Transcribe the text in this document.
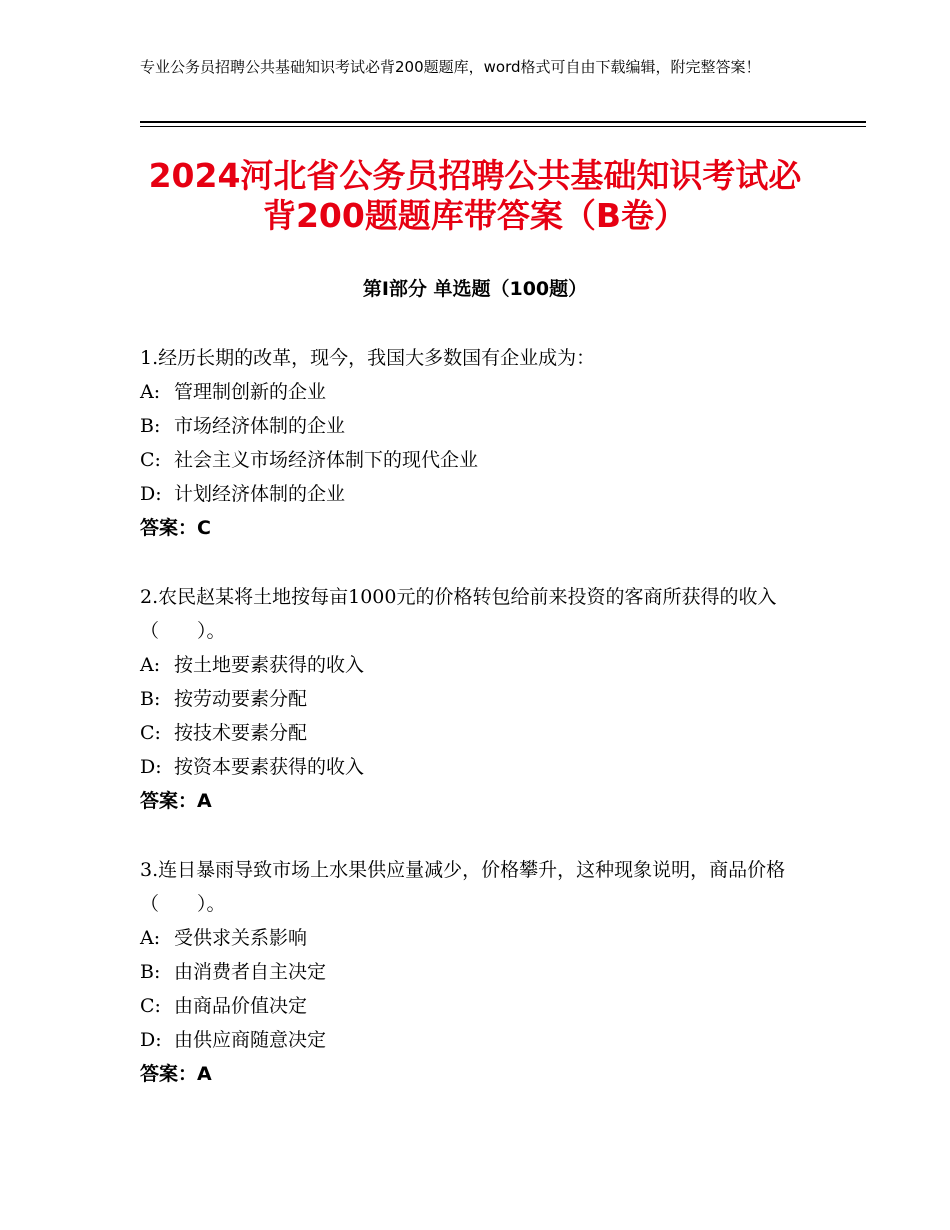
专业公务员招聘公共基础知识考试必背200题题库，word格式可自由下载编辑，附完整答案！
2024河北省公务员招聘公共基础知识考试必
背200题题库带答案（B卷）
第Ⅰ部分 单选题（100题）
1.经历长期的改革，现今，我国大多数国有企业成为：
A: 管理制创新的企业
B: 市场经济体制的企业
C: 社会主义市场经济体制下的现代企业
D: 计划经济体制的企业
答案：C
2.农民赵某将土地按每亩1000元的价格转包给前来投资的客商所获得的收入（　　）。
A: 按土地要素获得的收入
B: 按劳动要素分配
C: 按技术要素分配
D: 按资本要素获得的收入
答案：A
3.连日暴雨导致市场上水果供应量减少，价格攀升，这种现象说明，商品价格（　　）。
A: 受供求关系影响
B: 由消费者自主决定
C: 由商品价值决定
D: 由供应商随意决定
答案：A
